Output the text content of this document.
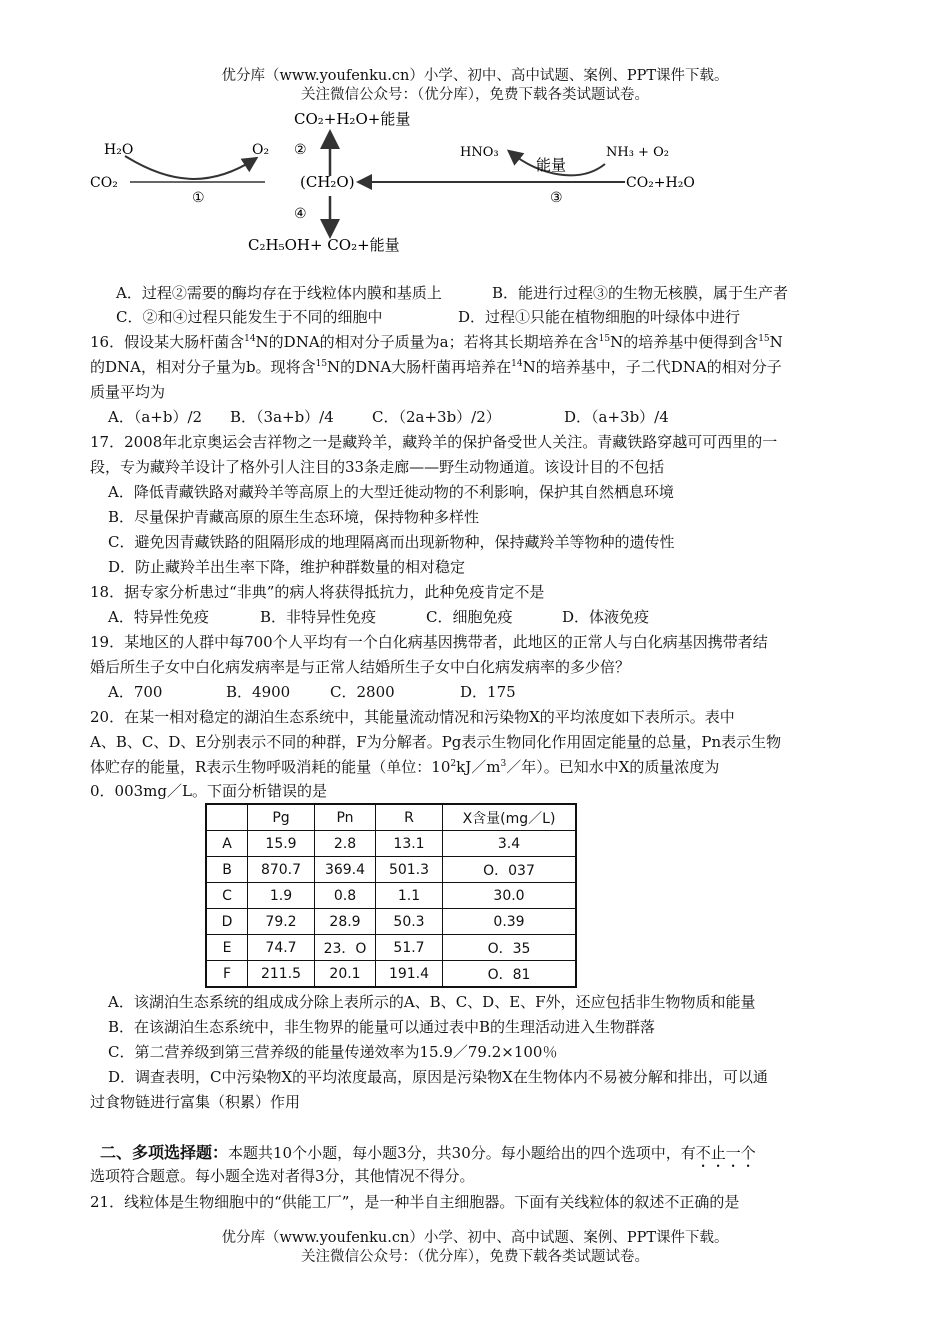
优分库（www.youfenku.cn）小学、初中、高中试题、案例、PPT课件下载。
关注微信公众号：（优分库），免费下载各类试题试卷。
CO₂+H₂O+能量
C₂H₅OH+ CO₂+能量
(CH₂O)
H₂O
CO₂
O₂	HNO₃
能量
NH₃ + O₂
CO₂+H₂O
①
②
③
④
A．过程②需要的酶均存在于线粒体内膜和基质上	B．能进行过程③的生物无核膜，属于生产者
C．②和④过程只能发生于不同的细胞中	D．过程①只能在植物细胞的叶绿体中进行
16．假设某大肠杆菌含$^{14}$N的DNA的相对分子质量为a；若将其长期培养在含$^{15}$N的培养基中便得到含$^{15}$N
的DNA，相对分子量为b。现将含$^{15}$N的DNA大肠杆菌再培养在$^{14}$N的培养基中，子二代DNA的相对分子
质量平均为
A．（a+b）/2 B．（3a+b）/4	C．（2a+3b）/2）	D．（a+3b）/4
17．2008年北京奥运会吉祥物之一是藏羚羊，藏羚羊的保护备受世人关注。青藏铁路穿越可可西里的一
段，专为藏羚羊设计了格外引人注目的33条走廊——野生动物通道。该设计目的不包括
A．降低青藏铁路对藏羚羊等高原上的大型迁徙动物的不利影响，保护其自然栖息环境
B．尽量保护青藏高原的原生生态环境，保持物种多样性
C．避免因青藏铁路的阻隔形成的地理隔离而出现新物种，保持藏羚羊等物种的遗传性
D．防止藏羚羊出生率下降，维护种群数量的相对稳定
18．据专家分析患过“非典”的病人将获得抵抗力，此种免疫肯定不是
A．特异性免疫	B．非特异性免疫	C．细胞免疫	D．体液免疫
19．某地区的人群中每700个人平均有一个白化病基因携带者，此地区的正常人与白化病基因携带者结
婚后所生子女中白化病发病率是与正常人结婚所生子女中白化病发病率的多少倍？
A．700	B．4900	C．2800	D．175
20．在某一相对稳定的湖泊生态系统中，其能量流动情况和污染物X的平均浓度如下表所示。表中
A、B、C、D、E分别表示不同的种群，F为分解者。Pg表示生物同化作用固定能量的总量，Pn表示生物
体贮存的能量，R表示生物呼吸消耗的能量（单位：$10^2kJ/m^3/$年）。已知水中X的质量浓度为
0．003mg／L。下面分析错误的是
	Pg	Pn	R	X含量(mg／L)
A	15.9	2.8	13.1	3.4
B	870.7	369.4	501.3	O．037
C	1.9	0.8	1.1	30.0
D	79.2	28.9	50.3	0.39
E	74.7	23．O	51.7	O．35
F	211.5	20.1	191.4	O．81
A．该湖泊生态系统的组成成分除上表所示的A、B、C、D、E、F外，还应包括非生物物质和能量
B．在该湖泊生态系统中，非生物界的能量可以通过表中B的生理活动进入生物群落
C．第二营养级到第三营养级的能量传递效率为15.9／79.2×100％
D．调查表明，C中污染物X的平均浓度最高，原因是污染物X在生物体内不易被分解和排出，可以通
过食物链进行富集（积累）作用
二、多项选择题：本题共10个小题，每小题3分，共30分。每小题给出的四个选项中，有不止一个
选项符合题意。每小题全选对者得3分，其他情况不得分。
21．线粒体是生物细胞中的“供能工厂”，是一种半自主细胞器。下面有关线粒体的叙述不正确的是
优分库（www.youfenku.cn）小学、初中、高中试题、案例、PPT课件下载。
关注微信公众号：（优分库），免费下载各类试题试卷。
